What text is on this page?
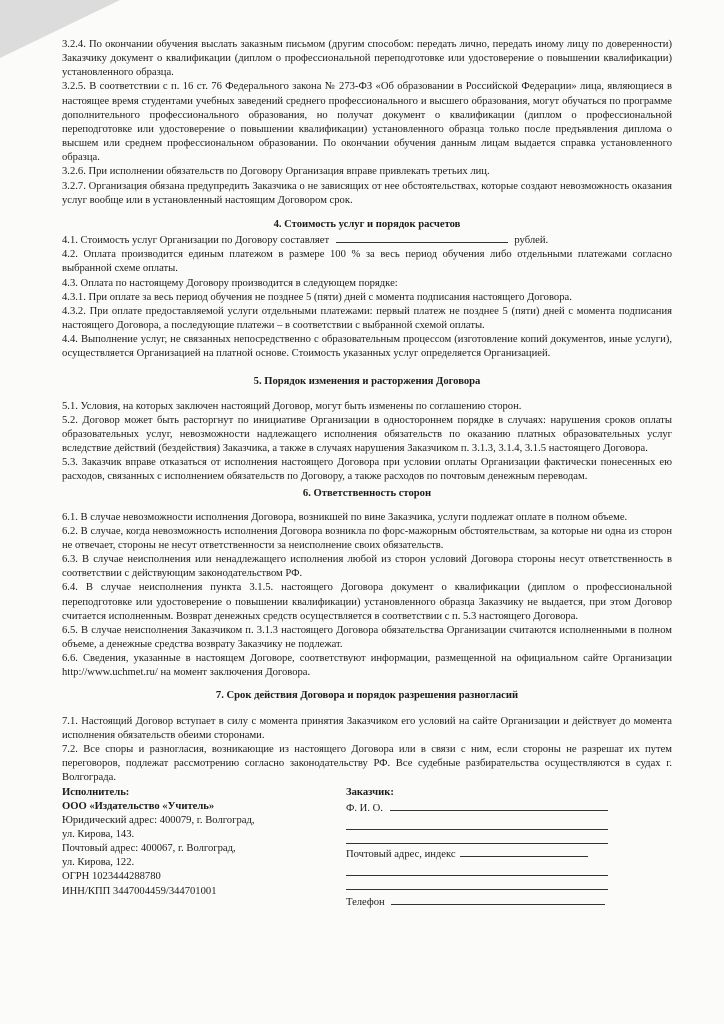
3.2.4. По окончании обучения выслать заказным письмом (другим способом: передать лично, передать иному лицу по доверенности) Заказчику документ о квалификации (диплом о профессиональной переподготовке или удостоверение о повышении квалификации) установленного образца.

3.2.5. В соответствии с п. 16 ст. 76 Федерального закона № 273-ФЗ «Об образовании в Российской Федерации» лица, являющиеся в настоящее время студентами учебных заведений среднего профессионального и высшего образования, могут обучаться по программе дополнительного профессионального образования, но получат документ о квалификации (диплом о профессиональной переподготовке или удостоверение о повышении квалификации) установленного образца только после предъявления диплома о высшем или среднем профессиональном образовании. По окончании обучения данным лицам выдается справка установленного образца.

3.2.6. При исполнении обязательств по Договору Организация вправе привлекать третьих лиц.

3.2.7. Организация обязана предупредить Заказчика о не зависящих от нее обстоятельствах, которые создают невозможность оказания услуг вообще или в установленный настоящим Договором срок.

4. Стоимость услуг и порядок расчетов

4.1. Стоимость услуг Организации по Договору составляет	рублей.

4.2. Оплата производится единым платежом в размере 100 % за весь период обучения либо отдельными платежами согласно выбранной схеме оплаты.

4.3. Оплата по настоящему Договору производится в следующем порядке:

4.3.1. При оплате за весь период обучения не позднее 5 (пяти) дней с момента подписания настоящего Договора.

4.3.2. При оплате предоставляемой услуги отдельными платежами: первый платеж не позднее 5 (пяти) дней с момента подписания настоящего Договора, а последующие платежи – в соответствии с выбранной схемой оплаты.

4.4. Выполнение услуг, не связанных непосредственно с образовательным процессом (изготовление копий документов, иные услуги), осуществляется Организацией на платной основе. Стоимость указанных услуг определяется Организацией.

5. Порядок изменения и расторжения Договора

5.1. Условия, на которых заключен настоящий Договор, могут быть изменены по соглашению сторон.

5.2. Договор может быть расторгнут по инициативе Организации в одностороннем порядке в случаях: нарушения сроков оплаты образовательных услуг, невозможности надлежащего исполнения обязательств по оказанию платных образовательных услуг вследствие действий (бездействия) Заказчика, а также в случаях нарушения Заказчиком п. 3.1.3, 3.1.4, 3.1.5 настоящего Договора.

5.3. Заказчик вправе отказаться от исполнения настоящего Договора при условии оплаты Организации фактически понесенных ею расходов, связанных с исполнением обязательств по Договору, а также расходов по почтовым денежным переводам.

6. Ответственность сторон

6.1. В случае невозможности исполнения Договора, возникшей по вине Заказчика, услуги подлежат оплате в полном объеме.

6.2. В случае, когда невозможность исполнения Договора возникла по форс-мажорным обстоятельствам, за которые ни одна из сторон не отвечает, стороны не несут ответственности за неисполнение своих обязательств.

6.3. В случае неисполнения или ненадлежащего исполнения любой из сторон условий Договора стороны несут ответственность в соответствии с действующим законодательством РФ.

6.4. В случае неисполнения пункта 3.1.5. настоящего Договора документ о квалификации (диплом о профессиональной переподготовке или удостоверение о повышении квалификации) установленного образца Заказчику не выдается, при этом Договор считается исполненным. Возврат денежных средств осуществляется в соответствии с п. 5.3 настоящего Договора.

6.5. В случае неисполнения Заказчиком п. 3.1.3 настоящего Договора обязательства Организации считаются исполненными в полном объеме, а денежные средства возврату Заказчику не подлежат.

6.6. Сведения, указанные в настоящем Договоре, соответствуют информации, размещенной на официальном сайте Организации http://www.uchmet.ru/ на момент заключения Договора.

7. Срок действия Договора и порядок разрешения разногласий

7.1. Настоящий Договор вступает в силу с момента принятия Заказчиком его условий на сайте Организации и действует до момента исполнения обязательств обеими сторонами.

7.2. Все споры и разногласия, возникающие из настоящего Договора или в связи с ним, если стороны не разрешат их путем переговоров, подлежат рассмотрению согласно законодательству РФ. Все судебные разбирательства осуществляются в судах г. Волгограда.

Исполнитель:
ООО «Издательство «Учитель»
Юридический адрес: 400079, г. Волгоград,
ул. Кирова, 143.
Почтовый адрес: 400067, г. Волгоград,
ул. Кирова, 122.
ОГРН 1023444288780
ИНН/КПП 3447004459/344701001
Заказчик:
Ф. И. О.
Почтовый адрес, индекс
Телефон
